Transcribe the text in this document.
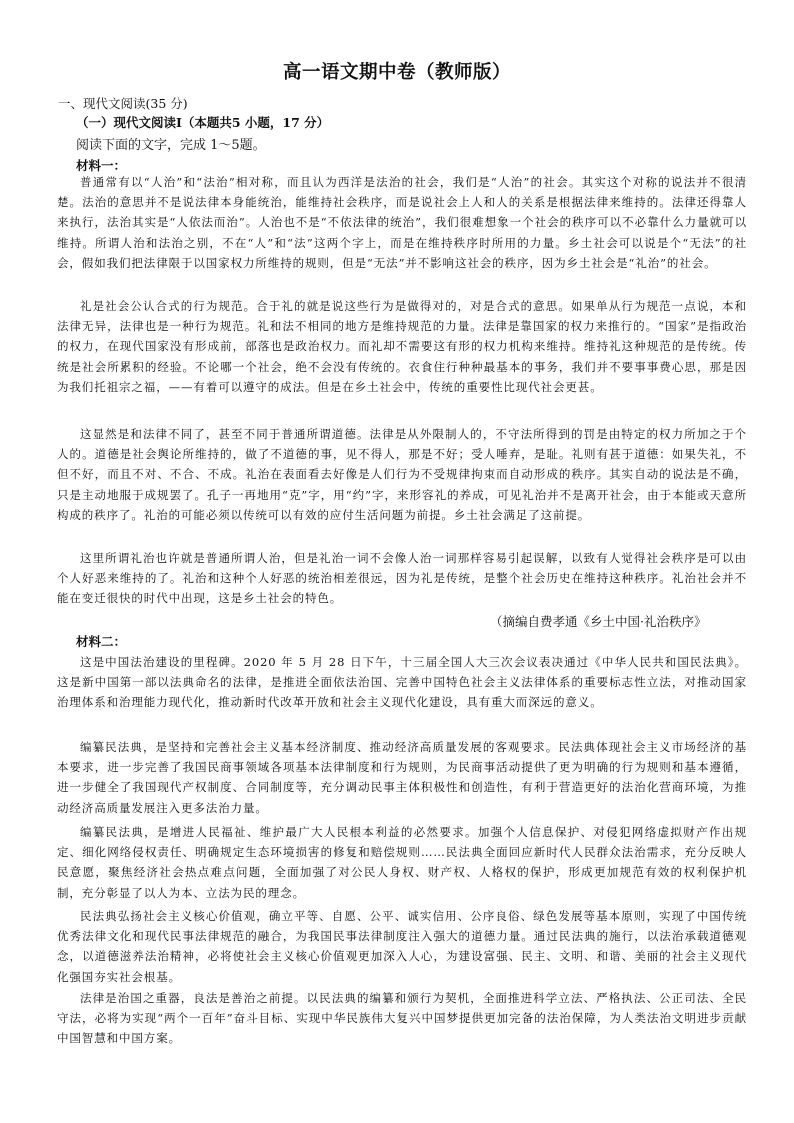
高一语文期中卷（教师版）
一、现代文阅读(35 分)
（一）现代文阅读Ⅰ（本题共5 小题，17 分）
阅读下面的文字，完成 1～5题。
材料一：

普通常有以“人治”和“法治”相对称，而且认为西洋是法治的社会，我们是“人治”的社会。其实这个对称的说法并不很清楚。法治的意思并不是说法律本身能统治，能维持社会秩序，而是说社会上人和人的关系是根据法律来维持的。法律还得靠人来执行，法治其实是“人依法而治”。人治也不是“不依法律的统治”，我们很难想象一个社会的秩序可以不必靠什么力量就可以维持。所谓人治和法治之别，不在“人”和“法”这两个字上，而是在维持秩序时所用的力量。乡土社会可以说是个“无法”的社会，假如我们把法律限于以国家权力所维持的规则，但是“无法”并不影响这社会的秩序，因为乡土社会是“礼治”的社会。

礼是社会公认合式的行为规范。合于礼的就是说这些行为是做得对的，对是合式的意思。如果单从行为规范一点说，本和法律无异，法律也是一种行为规范。礼和法不相同的地方是维持规范的力量。法律是靠国家的权力来推行的。“国家”是指政治的权力，在现代国家没有形成前，部落也是政治权力。而礼却不需要这有形的权力机构来维持。维持礼这种规范的是传统。传统是社会所累积的经验。不论哪一个社会，绝不会没有传统的。衣食住行种种最基本的事务，我们并不要事事费心思，那是因为我们托祖宗之福，——有着可以遵守的成法。但是在乡土社会中，传统的重要性比现代社会更甚。

这显然是和法律不同了，甚至不同于普通所谓道德。法律是从外限制人的，不守法所得到的罚是由特定的权力所加之于个人的。道德是社会舆论所维持的，做了不道德的事，见不得人，那是不好；受人唾弃，是耻。礼则有甚于道德：如果失礼，不但不好，而且不对、不合、不成。礼治在表面看去好像是人们行为不受规律拘束而自动形成的秩序。其实自动的说法是不确，只是主动地服于成规罢了。孔子一再地用“克”字，用“约”字，来形容礼的养成，可见礼治并不是离开社会，由于本能或天意所构成的秩序了。礼治的可能必须以传统可以有效的应付生活问题为前提。乡土社会满足了这前提。

这里所谓礼治也许就是普通所谓人治，但是礼治一词不会像人治一词那样容易引起误解，以致有人觉得社会秩序是可以由个人好恶来维持的了。礼治和这种个人好恶的统治相差很远，因为礼是传统，是整个社会历史在维持这种秩序。礼治社会并不能在变迁很快的时代中出现，这是乡土社会的特色。

（摘编自费孝通《乡土中国·礼治秩序》
材料二：

这是中国法治建设的里程碑。2020 年 5 月 28 日下午，十三届全国人大三次会议表决通过《中华人民共和国民法典》。这是新中国第一部以法典命名的法律，是推进全面依法治国、完善中国特色社会主义法律体系的重要标志性立法，对推动国家治理体系和治理能力现代化，推动新时代改革开放和社会主义现代化建设，具有重大而深远的意义。

编纂民法典，是坚持和完善社会主义基本经济制度、推动经济高质量发展的客观要求。民法典体现社会主义市场经济的基本要求，进一步完善了我国民商事领域各项基本法律制度和行为规则，为民商事活动提供了更为明确的行为规则和基本遵循，进一步健全了我国现代产权制度、合同制度等，充分调动民事主体积极性和创造性，有利于营造更好的法治化营商环境，为推动经济高质量发展注入更多法治力量。

编纂民法典，是增进人民福祉、维护最广大人民根本利益的必然要求。加强个人信息保护、对侵犯网络虚拟财产作出规定、细化网络侵权责任、明确规定生态环境损害的修复和赔偿规则……民法典全面回应新时代人民群众法治需求，充分反映人民意愿，聚焦经济社会热点难点问题，全面加强了对公民人身权、财产权、人格权的保护，形成更加规范有效的权利保护机制，充分彰显了以人为本、立法为民的理念。

民法典弘扬社会主义核心价值观，确立平等、自愿、公平、诚实信用、公序良俗、绿色发展等基本原则，实现了中国传统优秀法律文化和现代民事法律规范的融合，为我国民事法律制度注入强大的道德力量。通过民法典的施行，以法治承载道德观念，以道德滋养法治精神，必将使社会主义核心价值观更加深入人心，为建设富强、民主、文明、和谐、美丽的社会主义现代化强国夯实社会根基。

法律是治国之重器，良法是善治之前提。以民法典的编纂和颁行为契机，全面推进科学立法、严格执法、公正司法、全民守法，必将为实现“两个一百年”奋斗目标、实现中华民族伟大复兴中国梦提供更加完备的法治保障，为人类法治文明进步贡献中国智慧和中国方案。
